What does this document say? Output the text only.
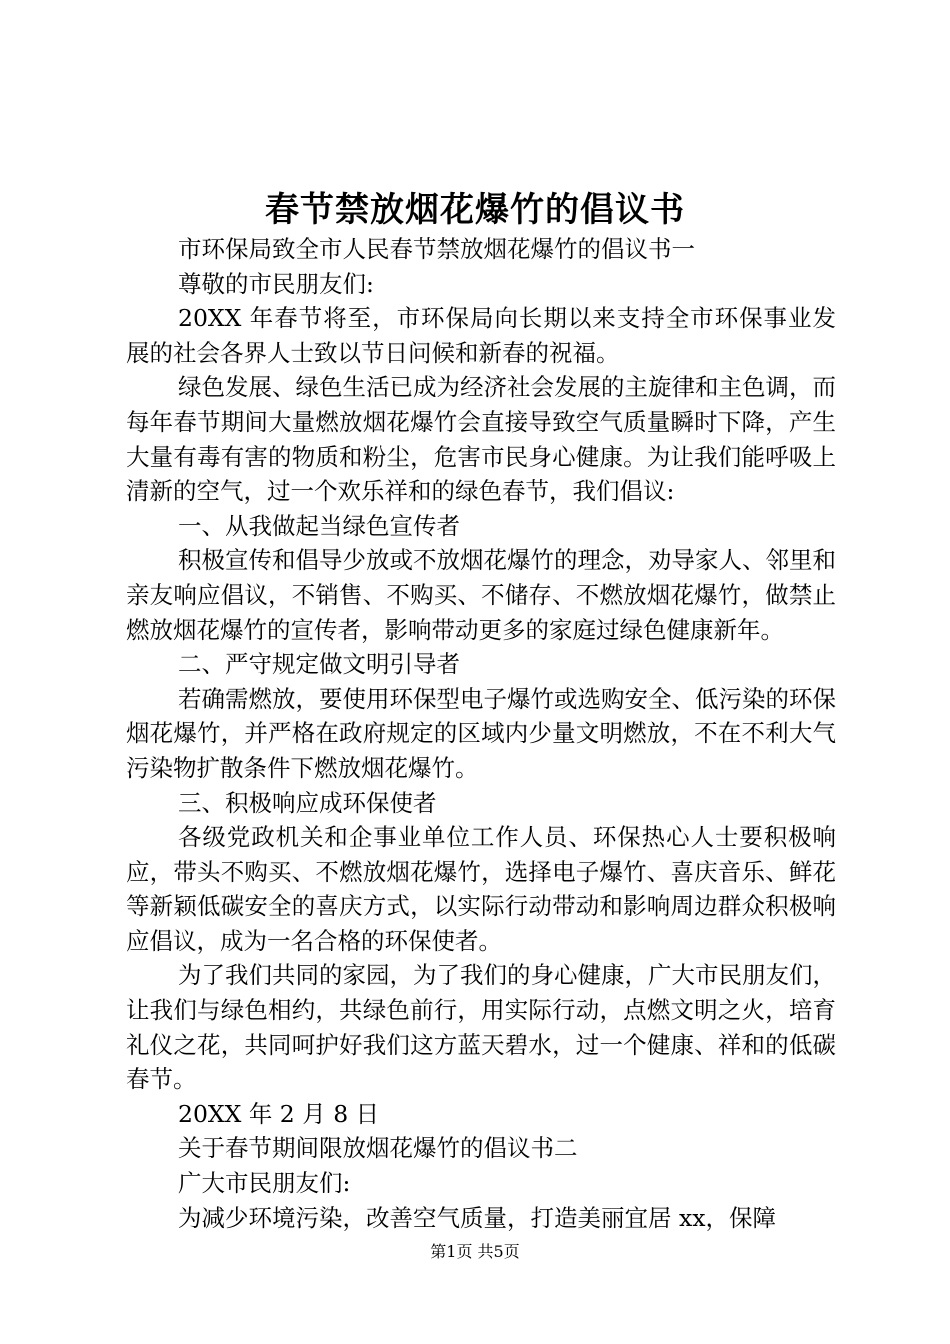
春节禁放烟花爆竹的倡议书

市环保局致全市人民春节禁放烟花爆竹的倡议书一

尊敬的市民朋友们:

20XX 年春节将至，市环保局向长期以来支持全市环保事业发展的社会各界人士致以节日问候和新春的祝福。

绿色发展、绿色生活已成为经济社会发展的主旋律和主色调，而每年春节期间大量燃放烟花爆竹会直接导致空气质量瞬时下降，产生大量有毒有害的物质和粉尘，危害市民身心健康。为让我们能呼吸上清新的空气，过一个欢乐祥和的绿色春节，我们倡议:

一、从我做起当绿色宣传者

积极宣传和倡导少放或不放烟花爆竹的理念，劝导家人、邻里和亲友响应倡议，不销售、不购买、不储存、不燃放烟花爆竹，做禁止燃放烟花爆竹的宣传者，影响带动更多的家庭过绿色健康新年。

二、严守规定做文明引导者

若确需燃放，要使用环保型电子爆竹或选购安全、低污染的环保烟花爆竹，并严格在政府规定的区域内少量文明燃放，不在不利大气污染物扩散条件下燃放烟花爆竹。

三、积极响应成环保使者

各级党政机关和企事业单位工作人员、环保热心人士要积极响应，带头不购买、不燃放烟花爆竹，选择电子爆竹、喜庆音乐、鲜花等新颖低碳安全的喜庆方式，以实际行动带动和影响周边群众积极响应倡议，成为一名合格的环保使者。

为了我们共同的家园，为了我们的身心健康，广大市民朋友们，让我们与绿色相约，共绿色前行，用实际行动，点燃文明之火，培育礼仪之花，共同呵护好我们这方蓝天碧水，过一个健康、祥和的低碳春节。

20XX 年 2 月 8 日

关于春节期间限放烟花爆竹的倡议书二

广大市民朋友们:

为减少环境污染，改善空气质量，打造美丽宜居 xx，保障

第1页 共5页
